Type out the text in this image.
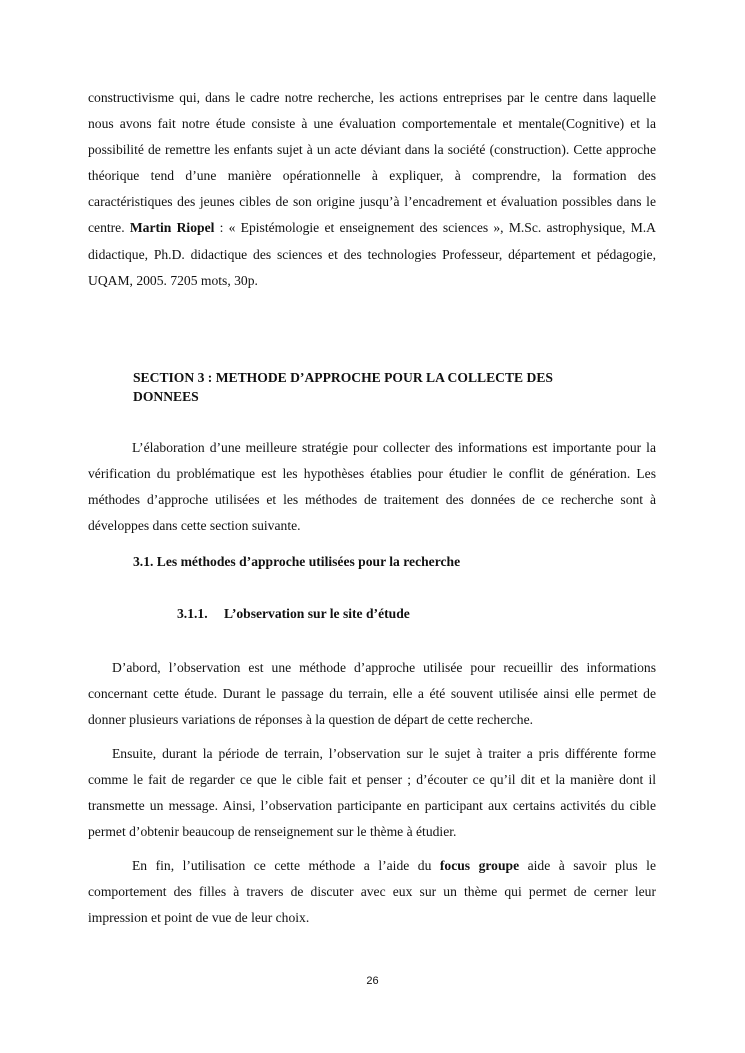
constructivisme qui, dans le cadre notre recherche, les actions entreprises par le centre dans laquelle nous avons fait notre étude consiste à une évaluation comportementale et mentale(Cognitive) et la possibilité de remettre les enfants sujet à un acte déviant dans la société (construction). Cette approche théorique tend d’une manière opérationnelle à expliquer, à comprendre, la formation des caractéristiques des jeunes cibles de son origine jusqu’à l’encadrement et évaluation possibles dans le centre. Martin Riopel : « Epistémologie et enseignement des sciences », M.Sc. astrophysique, M.A didactique, Ph.D. didactique des sciences et des technologies Professeur, département et pédagogie, UQAM, 2005. 7205 mots, 30p.

SECTION 3 : METHODE D’APPROCHE POUR LA COLLECTE DES
DONNEES

L’élaboration d’une meilleure stratégie pour collecter des informations est importante pour la vérification du problématique est les hypothèses établies pour étudier le conflit de génération. Les méthodes d’approche utilisées et les méthodes de traitement des données de ce recherche sont à développes dans cette section suivante.

3.1. Les méthodes d’approche utilisées pour la recherche

3.1.1. L’observation sur le site d’étude

D’abord, l’observation est une méthode d’approche utilisée pour recueillir des informations concernant cette étude. Durant le passage du terrain, elle a été souvent utilisée ainsi elle permet de donner plusieurs variations de réponses à la question de départ de cette recherche.

Ensuite, durant la période de terrain, l’observation sur le sujet à traiter a pris différente forme comme le fait de regarder ce que le cible fait et penser ; d’écouter ce qu’il dit et la manière dont il transmette un message. Ainsi, l’observation participante en participant aux certains activités du cible permet d’obtenir beaucoup de renseignement sur le thème à étudier.

En fin, l’utilisation ce cette méthode a l’aide du focus groupe aide à savoir plus le comportement des filles à travers de discuter avec eux sur un thème qui permet de cerner leur impression et point de vue de leur choix.

26
